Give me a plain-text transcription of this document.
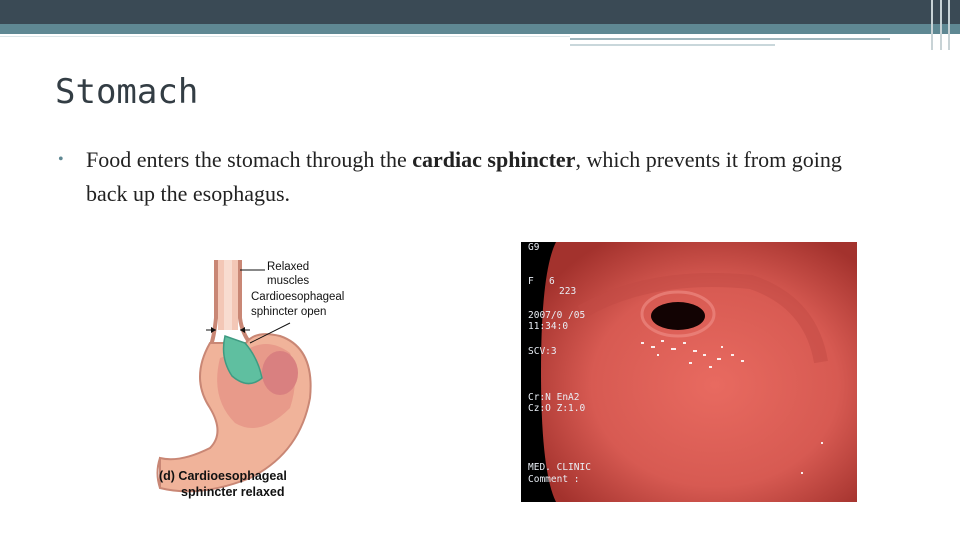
Stomach
• Food enters the stomach through the cardiac sphincter, which prevents it from going back up the esophagus.
Relaxed
muscles
Cardioesophageal
sphincter open
(d) Cardioesophageal
sphincter relaxed
G9
F 6
223
2007/0 /05
11:34:0
SCV:3
Cr:N EnA2
Cz:O Z:1.0
MED. CLINIC
Comment :
